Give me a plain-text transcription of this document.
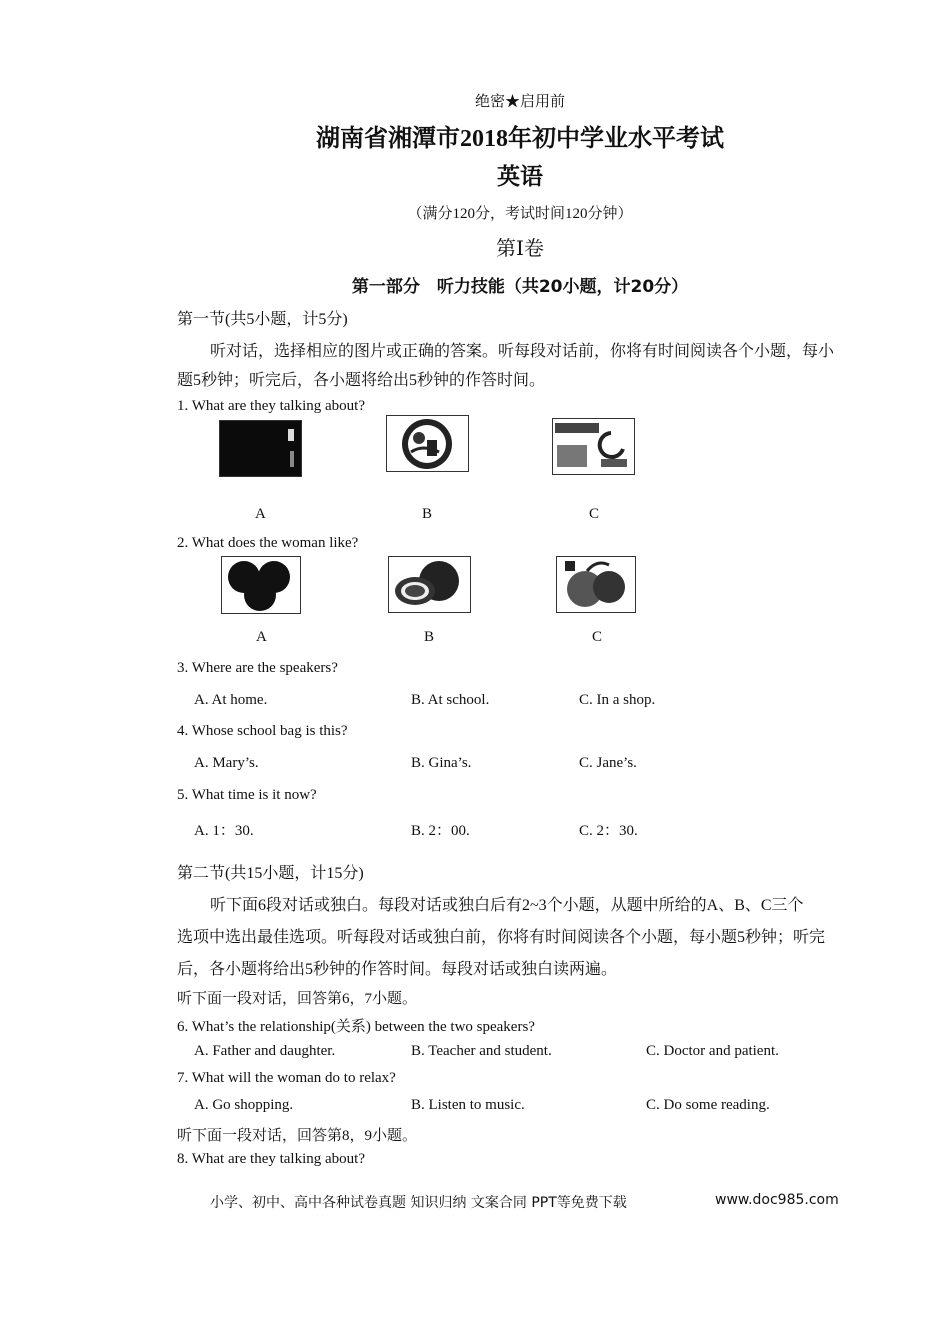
绝密★启用前
湖南省湘潭市2018年初中学业水平考试
英语
（满分120分，考试时间120分钟）
第Ⅰ卷
第一部分　听力技能（共20小题，计20分）
第一节(共5小题，计5分)
听对话，选择相应的图片或正确的答案。听每段对话前，你将有时间阅读各个小题，每小
题5秒钟；听完后，各小题将给出5秒钟的作答时间。
1. What are they talking about?
A	B	C
2. What does the woman like?
A	B	C
3. Where are the speakers?
A. At home.	B. At school.	C. In a shop.
4. Whose school bag is this?
A. Mary’s.	B. Gina’s.	C. Jane’s.
5. What time is it now?
A. 1：30.	B. 2：00.	C. 2：30.
第二节(共15小题，计15分)
听下面6段对话或独白。每段对话或独白后有2~3个小题，从题中所给的A、B、C三个
选项中选出最佳选项。听每段对话或独白前，你将有时间阅读各个小题，每小题5秒钟；听完
后，各小题将给出5秒钟的作答时间。每段对话或独白读两遍。
听下面一段对话，回答第6，7小题。
6. What’s the relationship(关系) between the two speakers?
A. Father and daughter.	B. Teacher and student.	C. Doctor and patient.
7. What will the woman do to relax?
A. Go shopping.	B. Listen to music.	C. Do some reading.
听下面一段对话，回答第8，9小题。
8. What are they talking about?
小学、初中、高中各种试卷真题 知识归纳 文案合同 PPT等免费下载	www.doc985.com
